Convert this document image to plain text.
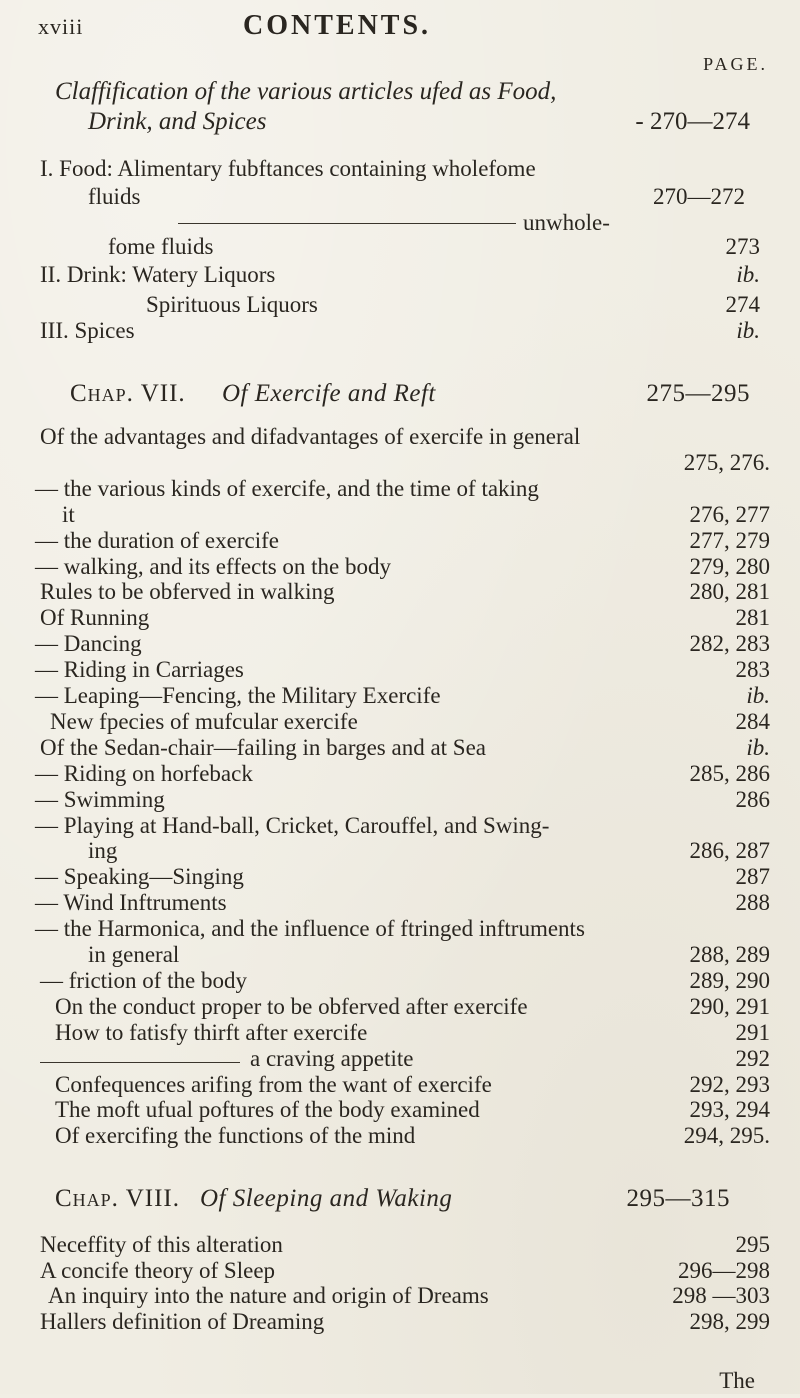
xviii	CONTENTS.
PAGE.
Claffification of the various articles ufed as Food,
Drink, and Spices	- 270—274
I. Food: Alimentary fubftances containing wholefome
fluids	270—272
unwhole-
fome fluids	273
II. Drink: Watery Liquors	ib.
Spirituous Liquors	274
III. Spices	ib.
Chap. VII. Of Exercife and Reft	275—295
Of the advantages and difadvantages of exercife in general
275, 276.
— the various kinds of exercife, and the time of taking
it	276, 277
— the duration of exercife	277, 279
— walking, and its effects on the body	279, 280
Rules to be obferved in walking	280, 281
Of Running	281
— Dancing	282, 283
— Riding in Carriages	283
— Leaping—Fencing, the Military Exercife	ib.
New fpecies of mufcular exercife	284
Of the Sedan-chair—failing in barges and at Sea	ib.
— Riding on horfeback	285, 286
— Swimming	286
— Playing at Hand-ball, Cricket, Carouffel, and Swing-
ing	286, 287
— Speaking—Singing	287
— Wind Inftruments	288
— the Harmonica, and the influence of ftringed inftruments
in general	288, 289
— friction of the body	289, 290
On the conduct proper to be obferved after exercife	290, 291
How to fatisfy thirft after exercife	291
a craving appetite	292
Confequences arifing from the want of exercife	292, 293
The moft ufual poftures of the body examined	293, 294
Of exercifing the functions of the mind	294, 295.
Chap. VIII. Of Sleeping and Waking	295—315
Neceffity of this alteration	295
A concife theory of Sleep	296—298
An inquiry into the nature and origin of Dreams	298 —303
Hallers definition of Dreaming	298, 299
The
